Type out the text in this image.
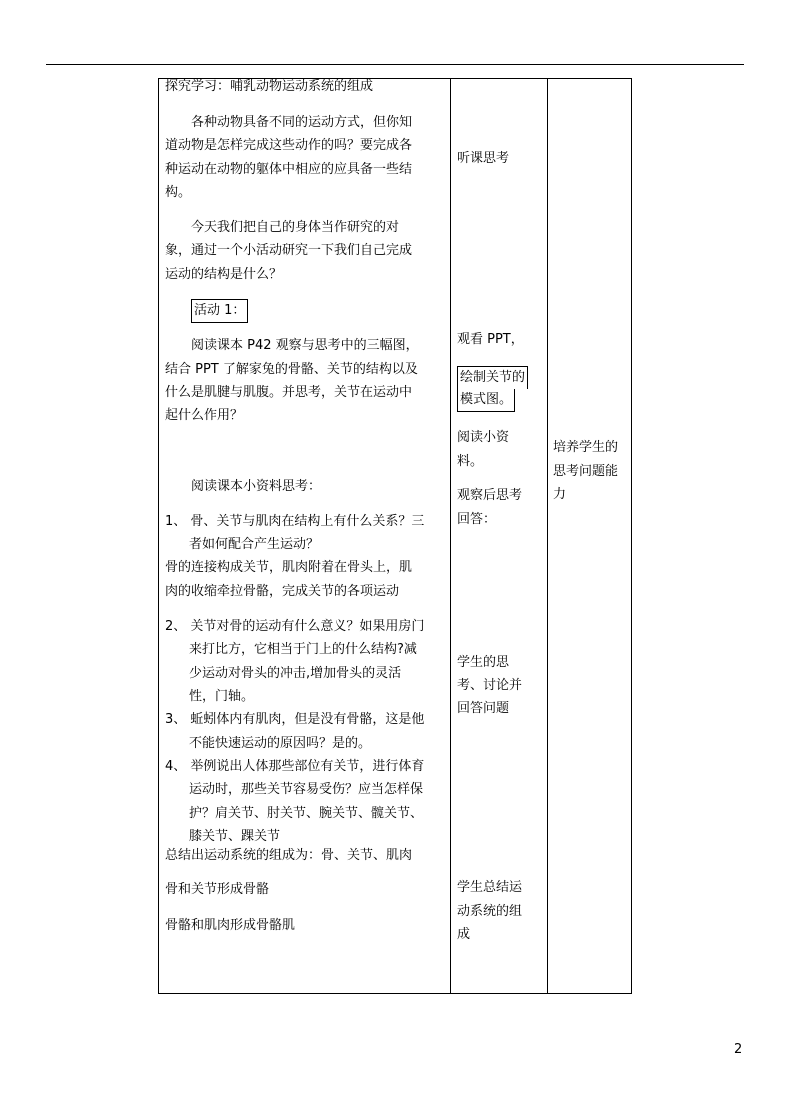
探究学习：哺乳动物运动系统的组成
各种动物具备不同的运动方式，但你知
道动物是怎样完成这些动作的吗？要完成各
种运动在动物的躯体中相应的应具备一些结
构。
今天我们把自己的身体当作研究的对
象，通过一个小活动研究一下我们自己完成
运动的结构是什么？
活动 1：
阅读课本 P42 观察与思考中的三幅图，
结合 PPT 了解家兔的骨骼、关节的结构以及
什么是肌腱与肌腹。并思考，关节在运动中
起什么作用？
阅读课本小资料思考：
1、 骨、关节与肌肉在结构上有什么关系？三
者如何配合产生运动？
骨的连接构成关节，肌肉附着在骨头上，肌
肉的收缩牵拉骨骼，完成关节的各项运动
2、 关节对骨的运动有什么意义？如果用房门
来打比方，它相当于门上的什么结构?减
少运动对骨头的冲击,增加骨头的灵活
性，门轴。
3、 蚯蚓体内有肌肉，但是没有骨骼，这是他
不能快速运动的原因吗？是的。
4、 举例说出人体那些部位有关节，进行体育
运动时，那些关节容易受伤？应当怎样保
护？肩关节、肘关节、腕关节、髋关节、
膝关节、踝关节
总结出运动系统的组成为：骨、关节、肌肉
骨和关节形成骨骼
骨骼和肌肉形成骨骼肌
听课思考
观看 PPT，
绘制关节的
模式图。
阅读小资
料。
观察后思考
回答：
学生的思
考、讨论并
回答问题
学生总结运
动系统的组
成
培养学生的
思考问题能
力
2
